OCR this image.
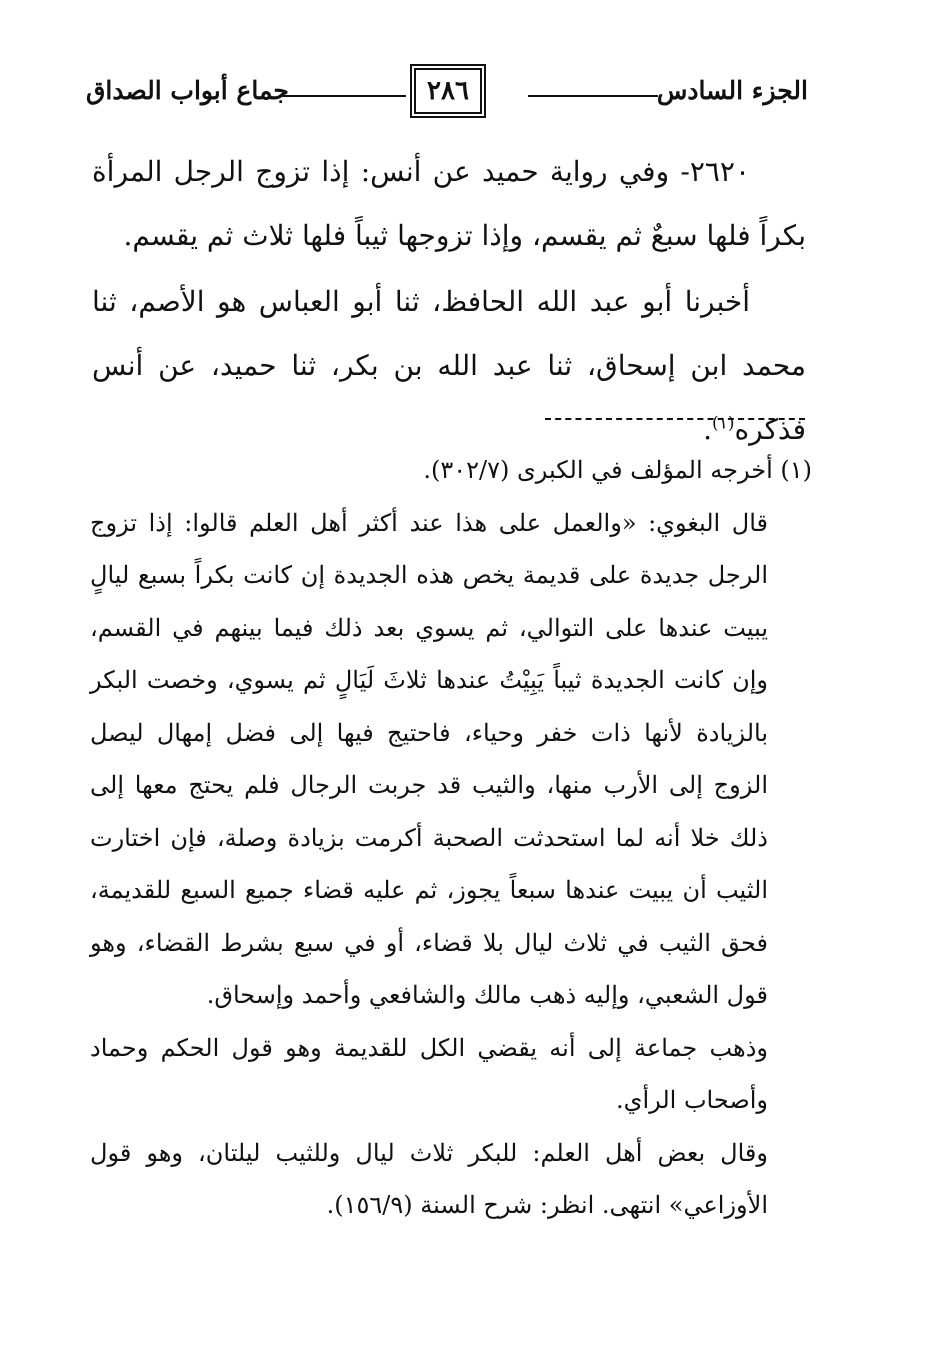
الجزء السادس
٢٨٦
جماع أبواب الصداق

٢٦٢٠- وفي رواية حميد عن أنس: إذا تزوج الرجل المرأة بكراً فلها سبعٌ ثم يقسم، وإذا تزوجها ثيباً فلها ثلاث ثم يقسم.

أخبرنا أبو عبد الله الحافظ، ثنا أبو العباس هو الأصم، ثنا محمد ابن إسحاق، ثنا عبد الله بن بكر، ثنا حميد، عن أنس فذكره$^{(١)}$.

(١) أخرجه المؤلف في الكبرى (٣٠٢/٧).

قال البغوي: «والعمل على هذا عند أكثر أهل العلم قالوا: إذا تزوج الرجل جديدة على قديمة يخص هذه الجديدة إن كانت بكراً بسبع ليالٍ يبيت عندها على التوالي، ثم يسوي بعد ذلك فيما بينهم في القسم، وإن كانت الجديدة ثيباً يَبِيْتُ عندها ثلاثَ لَيَالٍ ثم يسوي، وخصت البكر بالزيادة لأنها ذات خفر وحياء، فاحتيج فيها إلى فضل إمهال ليصل الزوج إلى الأرب منها، والثيب قد جربت الرجال فلم يحتج معها إلى ذلك خلا أنه لما استحدثت الصحبة أكرمت بزيادة وصلة، فإن اختارت الثيب أن يبيت عندها سبعاً يجوز، ثم عليه قضاء جميع السبع للقديمة، فحق الثيب في ثلاث ليال بلا قضاء، أو في سبع بشرط القضاء، وهو قول الشعبي، وإليه ذهب مالك والشافعي وأحمد وإسحاق.

وذهب جماعة إلى أنه يقضي الكل للقديمة وهو قول الحكم وحماد وأصحاب الرأي.

وقال بعض أهل العلم: للبكر ثلاث ليال وللثيب ليلتان، وهو قول الأوزاعي» انتهى. انظر: شرح السنة (١٥٦/٩).
